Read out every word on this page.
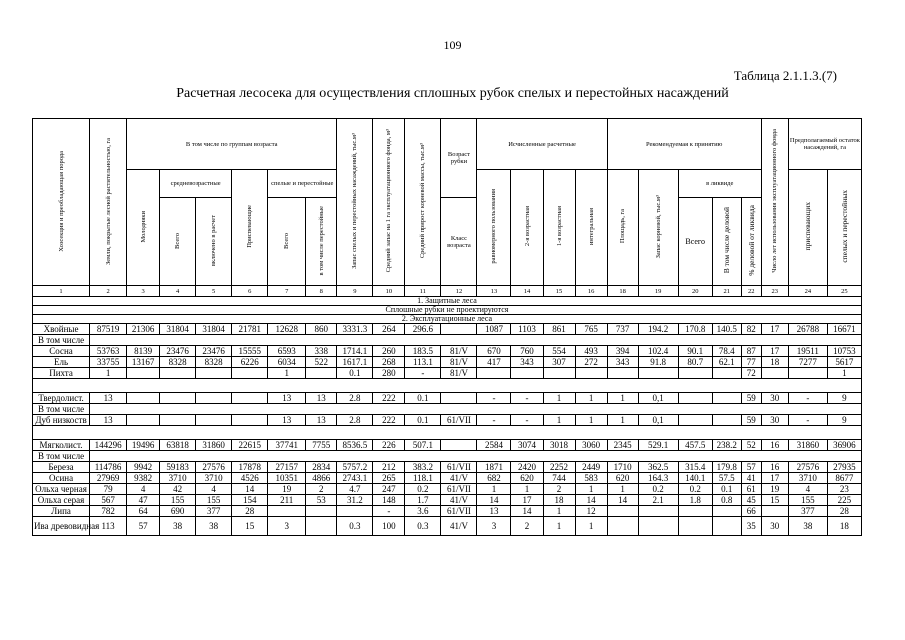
109
Таблица 2.1.1.3.(7)
Расчетная лесосека для осуществления сплошных рубок спелых и перестойных насаждений
Хозсекция и преобладающая порода	Земли, покрытые лесной растительностью, га	В том числе по группам возраста						Запас спелых и перестойных насаждений, тыс.м³	Средний запас на 1 га эксплуатационного фонда, м³	Средний прирост корневой массы, тыс.м³	Возраст рубки	Исчисленные расчетные				Рекомендуемая к принятию					Число лет использования эксплуатационного фонда	Предполагаемый остаток насаждений, га	
		Молодняки	средневозрастные		Приспевающие	спелые и перестойные						равномерного пользования	2-я возрастная	1-я возрастная	интегральная	Площадь, га	Запас корневой, тыс.м³	в ликвиде				приспевающих	спелых и перестойных
			Всего	включено в расчет		Всего	в том числе перестойные				Класс возраста							Всего	В том числе деловой	% деловой от ликвида			
1	2	3	4	5	6	7	8	9	10	11	12	13	14	15	16	18	19	20	21	22	23	24	25
1. Защитные леса																							
Сплошные рубки не проектируются																							
2. Эксплуатационные леса																							
Хвойные	87519	21306	31804	31804	21781	12628	860	3331.3	264	296.6		1087	1103	861	765	737	194.2	170.8	140.5	82	17	26788	16671
В том числе																							
Сосна	53763	8139	23476	23476	15555	6593	338	1714.1	260	183.5	81/V	670	760	554	493	394	102.4	90.1	78.4	87	17	19511	10753
Ель	33755	13167	8328	8328	6226	6034	522	1617.1	268	113.1	81/V	417	343	307	272	343	91.8	80.7	62.1	77	18	7277	5617
Пихта	1					1		0.1	280	-	81/V									72			1

Твердолист.	13					13	13	2.8	222	0.1		-	-	1	1	1	0,1			59	30	-	9
В том числе																							
Дуб низкоств	13					13	13	2.8	222	0.1	61/VII	-	-	1	1	1	0,1			59	30	-	9

Мягколист.	144296	19496	63818	31860	22615	37741	7755	8536.5	226	507.1		2584	3074	3018	3060	2345	529.1	457.5	238.2	52	16	31860	36906
В том числе																							
Береза	114786	9942	59183	27576	17878	27157	2834	5757.2	212	383.2	61/VII	1871	2420	2252	2449	1710	362.5	315.4	179.8	57	16	27576	27935
Осина	27969	9382	3710	3710	4526	10351	4866	2743.1	265	118.1	41/V	682	620	744	583	620	164.3	140.1	57.5	41	17	3710	8677
Ольха черная	79	4	42	4	14	19	2	4.7	247	0.2	61/VII	1	1	2	1	1	0.2	0.2	0.1	61	19	4	23
Ольха серая	567	47	155	155	154	211	53	31.2	148	1.7	41/V	14	17	18	14	14	2.1	1.8	0.8	45	15	155	225
Липа	782	64	690	377	28				-	3.6	61/VII	13	14	1	12					66		377	28
Ива древовидная	113	57	38	38	15	3		0.3	100	0.3	41/V	3	2	1	1					35	30	38	18
